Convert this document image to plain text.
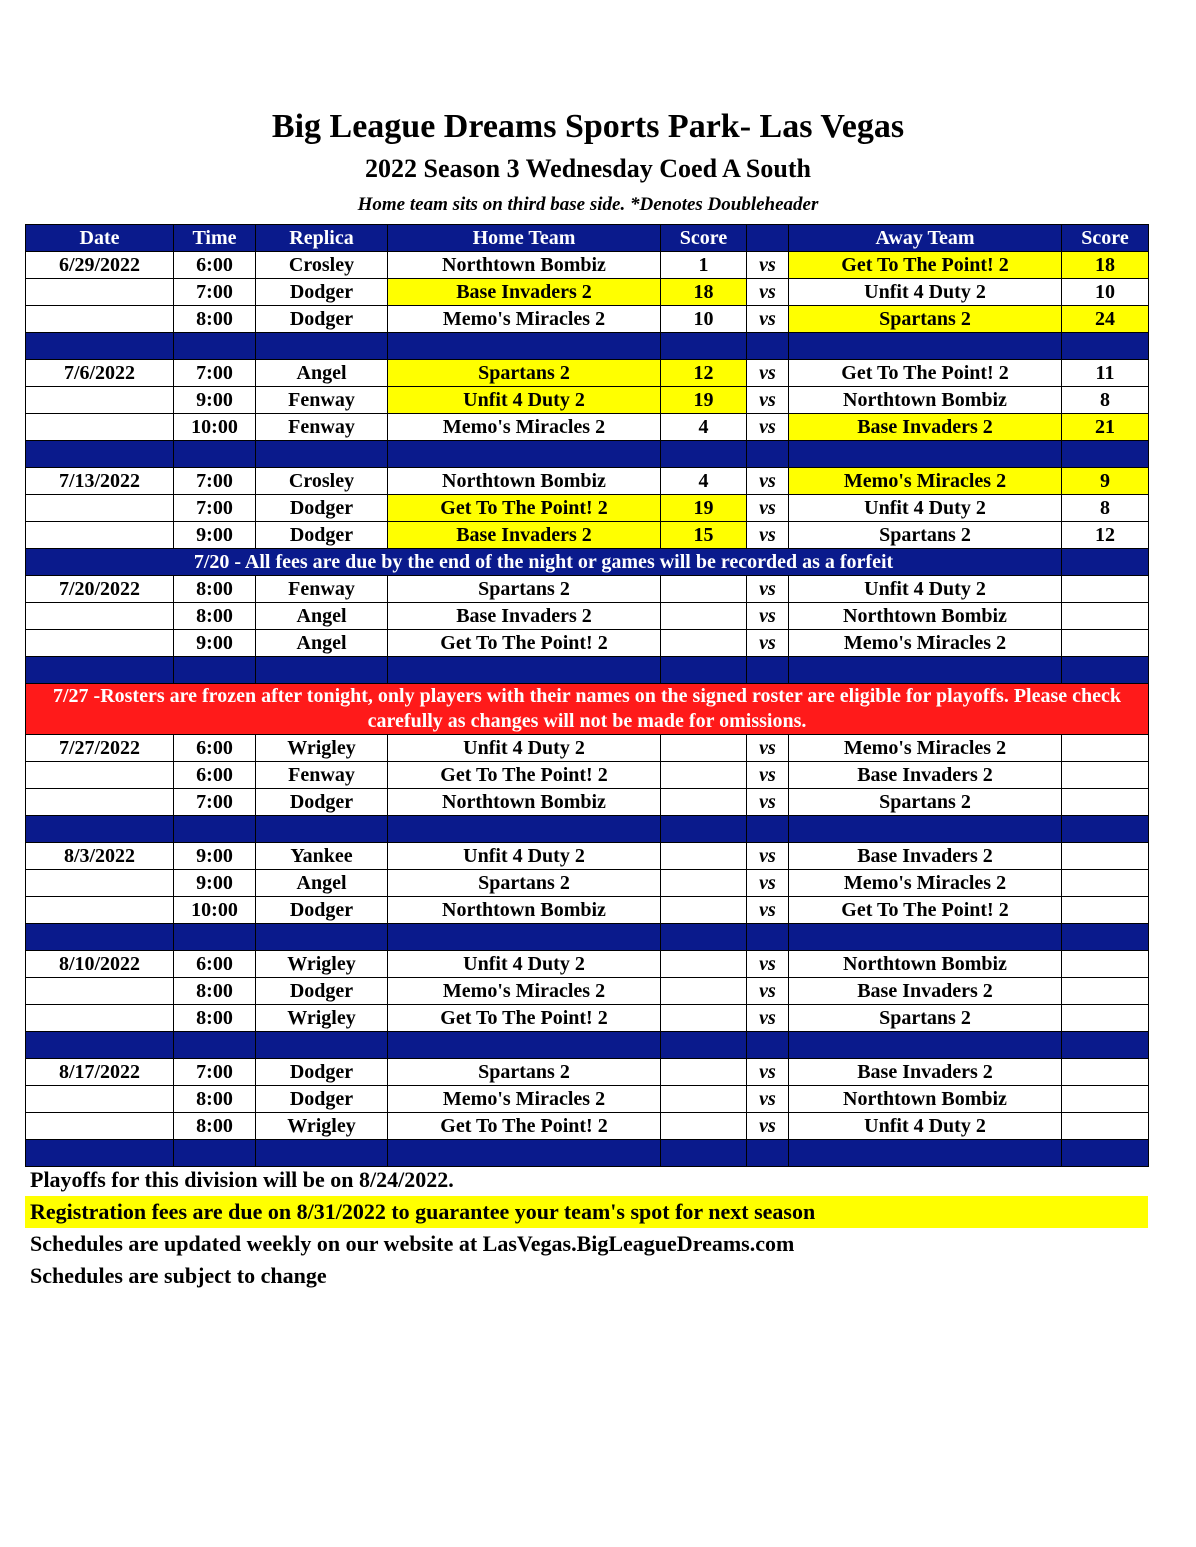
Big League Dreams Sports Park- Las Vegas
2022 Season 3 Wednesday Coed A South
Home team sits on third base side. *Denotes Doubleheader
Date	Time	Replica	Home Team	Score		Away Team	Score
6/29/2022	6:00	Crosley	Northtown Bombiz	1	vs	Get To The Point! 2	18
	7:00	Dodger	Base Invaders 2	18	vs	Unfit 4 Duty 2	10
	8:00	Dodger	Memo's Miracles 2	10	vs	Spartans 2	24

7/6/2022	7:00	Angel	Spartans 2	12	vs	Get To The Point! 2	11
	9:00	Fenway	Unfit 4 Duty 2	19	vs	Northtown Bombiz	8
	10:00	Fenway	Memo's Miracles 2	4	vs	Base Invaders 2	21

7/13/2022	7:00	Crosley	Northtown Bombiz	4	vs	Memo's Miracles 2	9
	7:00	Dodger	Get To The Point! 2	19	vs	Unfit 4 Duty 2	8
	9:00	Dodger	Base Invaders 2	15	vs	Spartans 2	12
7/20 - All fees are due by the end of the night or games will be recorded as a forfeit							
7/20/2022	8:00	Fenway	Spartans 2		vs	Unfit 4 Duty 2	
	8:00	Angel	Base Invaders 2		vs	Northtown Bombiz	
	9:00	Angel	Get To The Point! 2		vs	Memo's Miracles 2	

7/27 -Rosters are frozen after tonight, only players with their names on the signed roster are eligible for playoffs. Please check carefully as changes will not be made for omissions.							
7/27/2022	6:00	Wrigley	Unfit 4 Duty 2		vs	Memo's Miracles 2	
	6:00	Fenway	Get To The Point! 2		vs	Base Invaders 2	
	7:00	Dodger	Northtown Bombiz		vs	Spartans 2	

8/3/2022	9:00	Yankee	Unfit 4 Duty 2		vs	Base Invaders 2	
	9:00	Angel	Spartans 2		vs	Memo's Miracles 2	
	10:00	Dodger	Northtown Bombiz		vs	Get To The Point! 2	

8/10/2022	6:00	Wrigley	Unfit 4 Duty 2		vs	Northtown Bombiz	
	8:00	Dodger	Memo's Miracles 2		vs	Base Invaders 2	
	8:00	Wrigley	Get To The Point! 2		vs	Spartans 2	

8/17/2022	7:00	Dodger	Spartans 2		vs	Base Invaders 2	
	8:00	Dodger	Memo's Miracles 2		vs	Northtown Bombiz	
	8:00	Wrigley	Get To The Point! 2		vs	Unfit 4 Duty 2	

Playoffs for this division will be on 8/24/2022.
Registration fees are due on 8/31/2022 to guarantee your team's spot for next season
Schedules are updated weekly on our website at LasVegas.BigLeagueDreams.com
Schedules are subject to change
